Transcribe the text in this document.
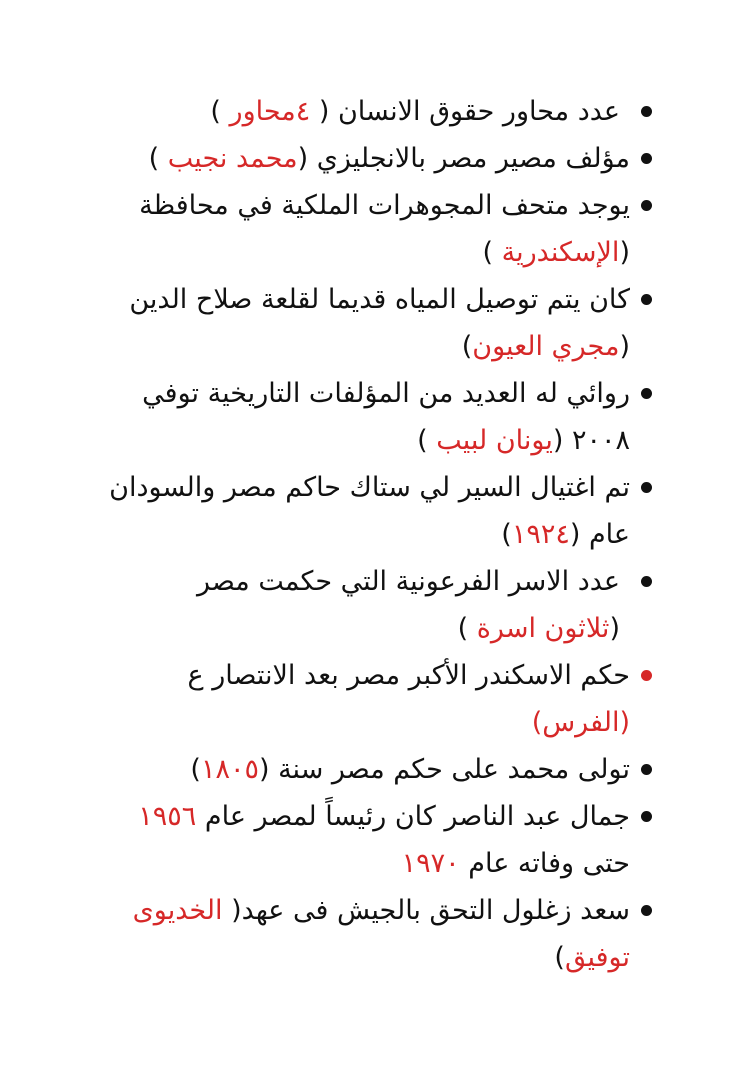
عدد محاور حقوق الانسان ( ٤محاور )
مؤلف مصير مصر بالانجليزي (محمد نجيب )
يوجد متحف المجوهرات الملكية في محافظة
(الإسكندرية )
كان يتم توصيل المياه قديما لقلعة صلاح الدين
(مجري العيون)
روائي له العديد من المؤلفات التاريخية توفي
٢٠٠٨ (يونان لبيب )
تم اغتيال السير لي ستاك حاكم مصر والسودان
عام (١٩٢٤)
عدد الاسر الفرعونية التي حكمت مصر
(ثلاثون اسرة )
حكم الاسكندر الأكبر مصر بعد الانتصار ع
(الفرس)
تولى محمد على حكم مصر سنة (١٨٠٥)
جمال عبد الناصر كان رئيساً لمصر عام ١٩٥٦
حتى وفاته عام ١٩٧٠
سعد زغلول التحق بالجيش فى عهد( الخديوى
توفيق)
